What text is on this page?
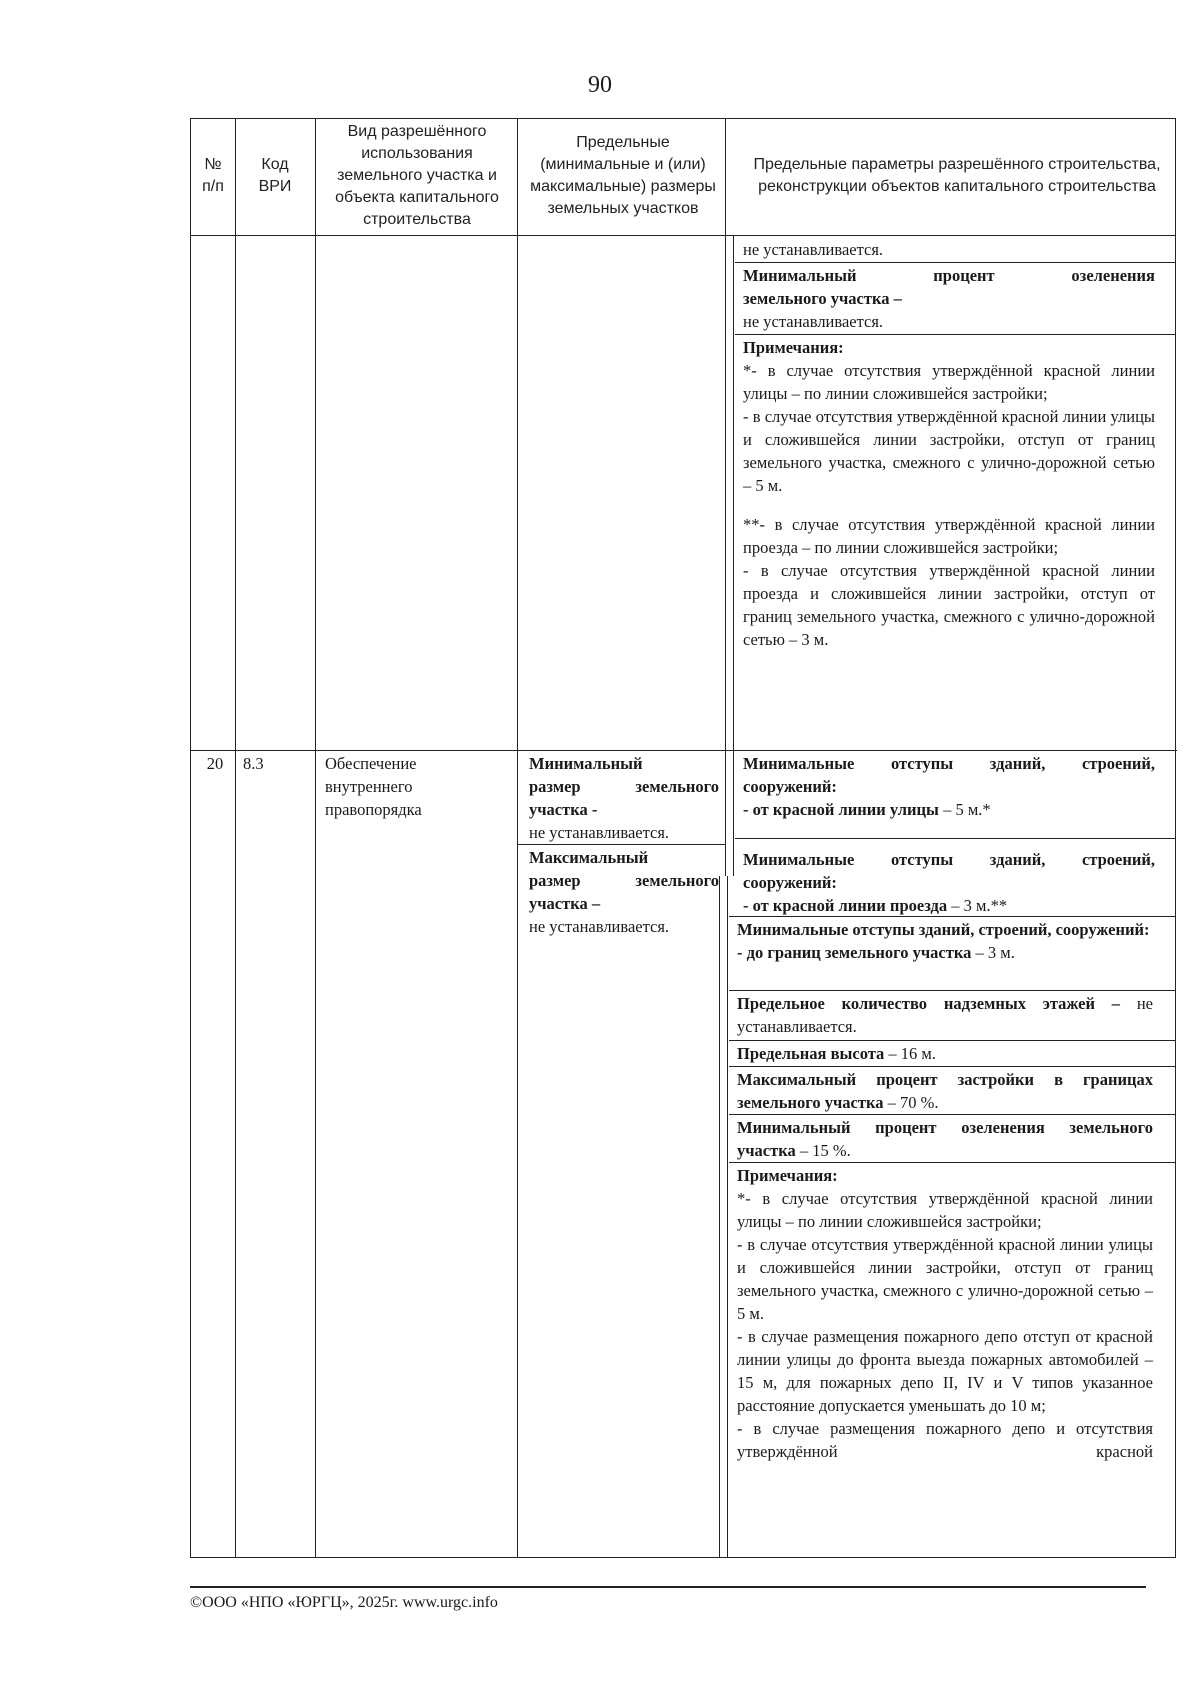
90
№
п/п
Код
ВРИ
Вид разрешённого использования земельного участка и объекта капитального строительства
Предельные (минимальные и (или) максимальные) размеры земельных участков
Предельные параметры разрешённого строительства, реконструкции объектов капитального строительства
не устанавливается.
Минимальный процент озеленения
земельного участка –
не устанавливается.
Примечания:
*- в случае отсутствия утверждённой красной линии улицы – по линии сложившейся застройки;
- в случае отсутствия утверждённой красной линии улицы и сложившейся линии застройки, отступ от границ земельного участка, смежного с улично-дорожной сетью – 5 м.
**- в случае отсутствия утверждённой красной линии проезда – по линии сложившейся застройки;
- в случае отсутствия утверждённой красной линии проезда и сложившейся линии застройки, отступ от границ земельного участка, смежного с улично-дорожной сетью – 3 м.
20	8.3	Обеспечение внутреннего правопорядка
Минимальный
размер земельного
участка -
не устанавливается.
Максимальный
размер земельного
участка –
не устанавливается.
Минимальные отступы зданий, строений, сооружений:
- от красной линии улицы – 5 м.*
Минимальные отступы зданий, строений, сооружений:
- от красной линии проезда – 3 м.**
Минимальные отступы зданий, строений, сооружений:
- до границ земельного участка – 3 м.
Предельное количество надземных этажей – не устанавливается.
Предельная высота – 16 м.
Максимальный процент застройки в границах земельного участка – 70 %.
Минимальный процент озеленения земельного участка – 15 %.
Примечания:
*- в случае отсутствия утверждённой красной линии улицы – по линии сложившейся застройки;
- в случае отсутствия утверждённой красной линии улицы и сложившейся линии застройки, отступ от границ земельного участка, смежного с улично-дорожной сетью – 5 м.
- в случае размещения пожарного депо отступ от красной линии улицы до фронта выезда пожарных автомобилей – 15 м, для пожарных депо II, IV и V типов указанное расстояние допускается уменьшать до 10 м;
- в случае размещения пожарного депо и отсутствия утверждённой красной
©ООО «НПО «ЮРГЦ», 2025г. www.urgc.info
